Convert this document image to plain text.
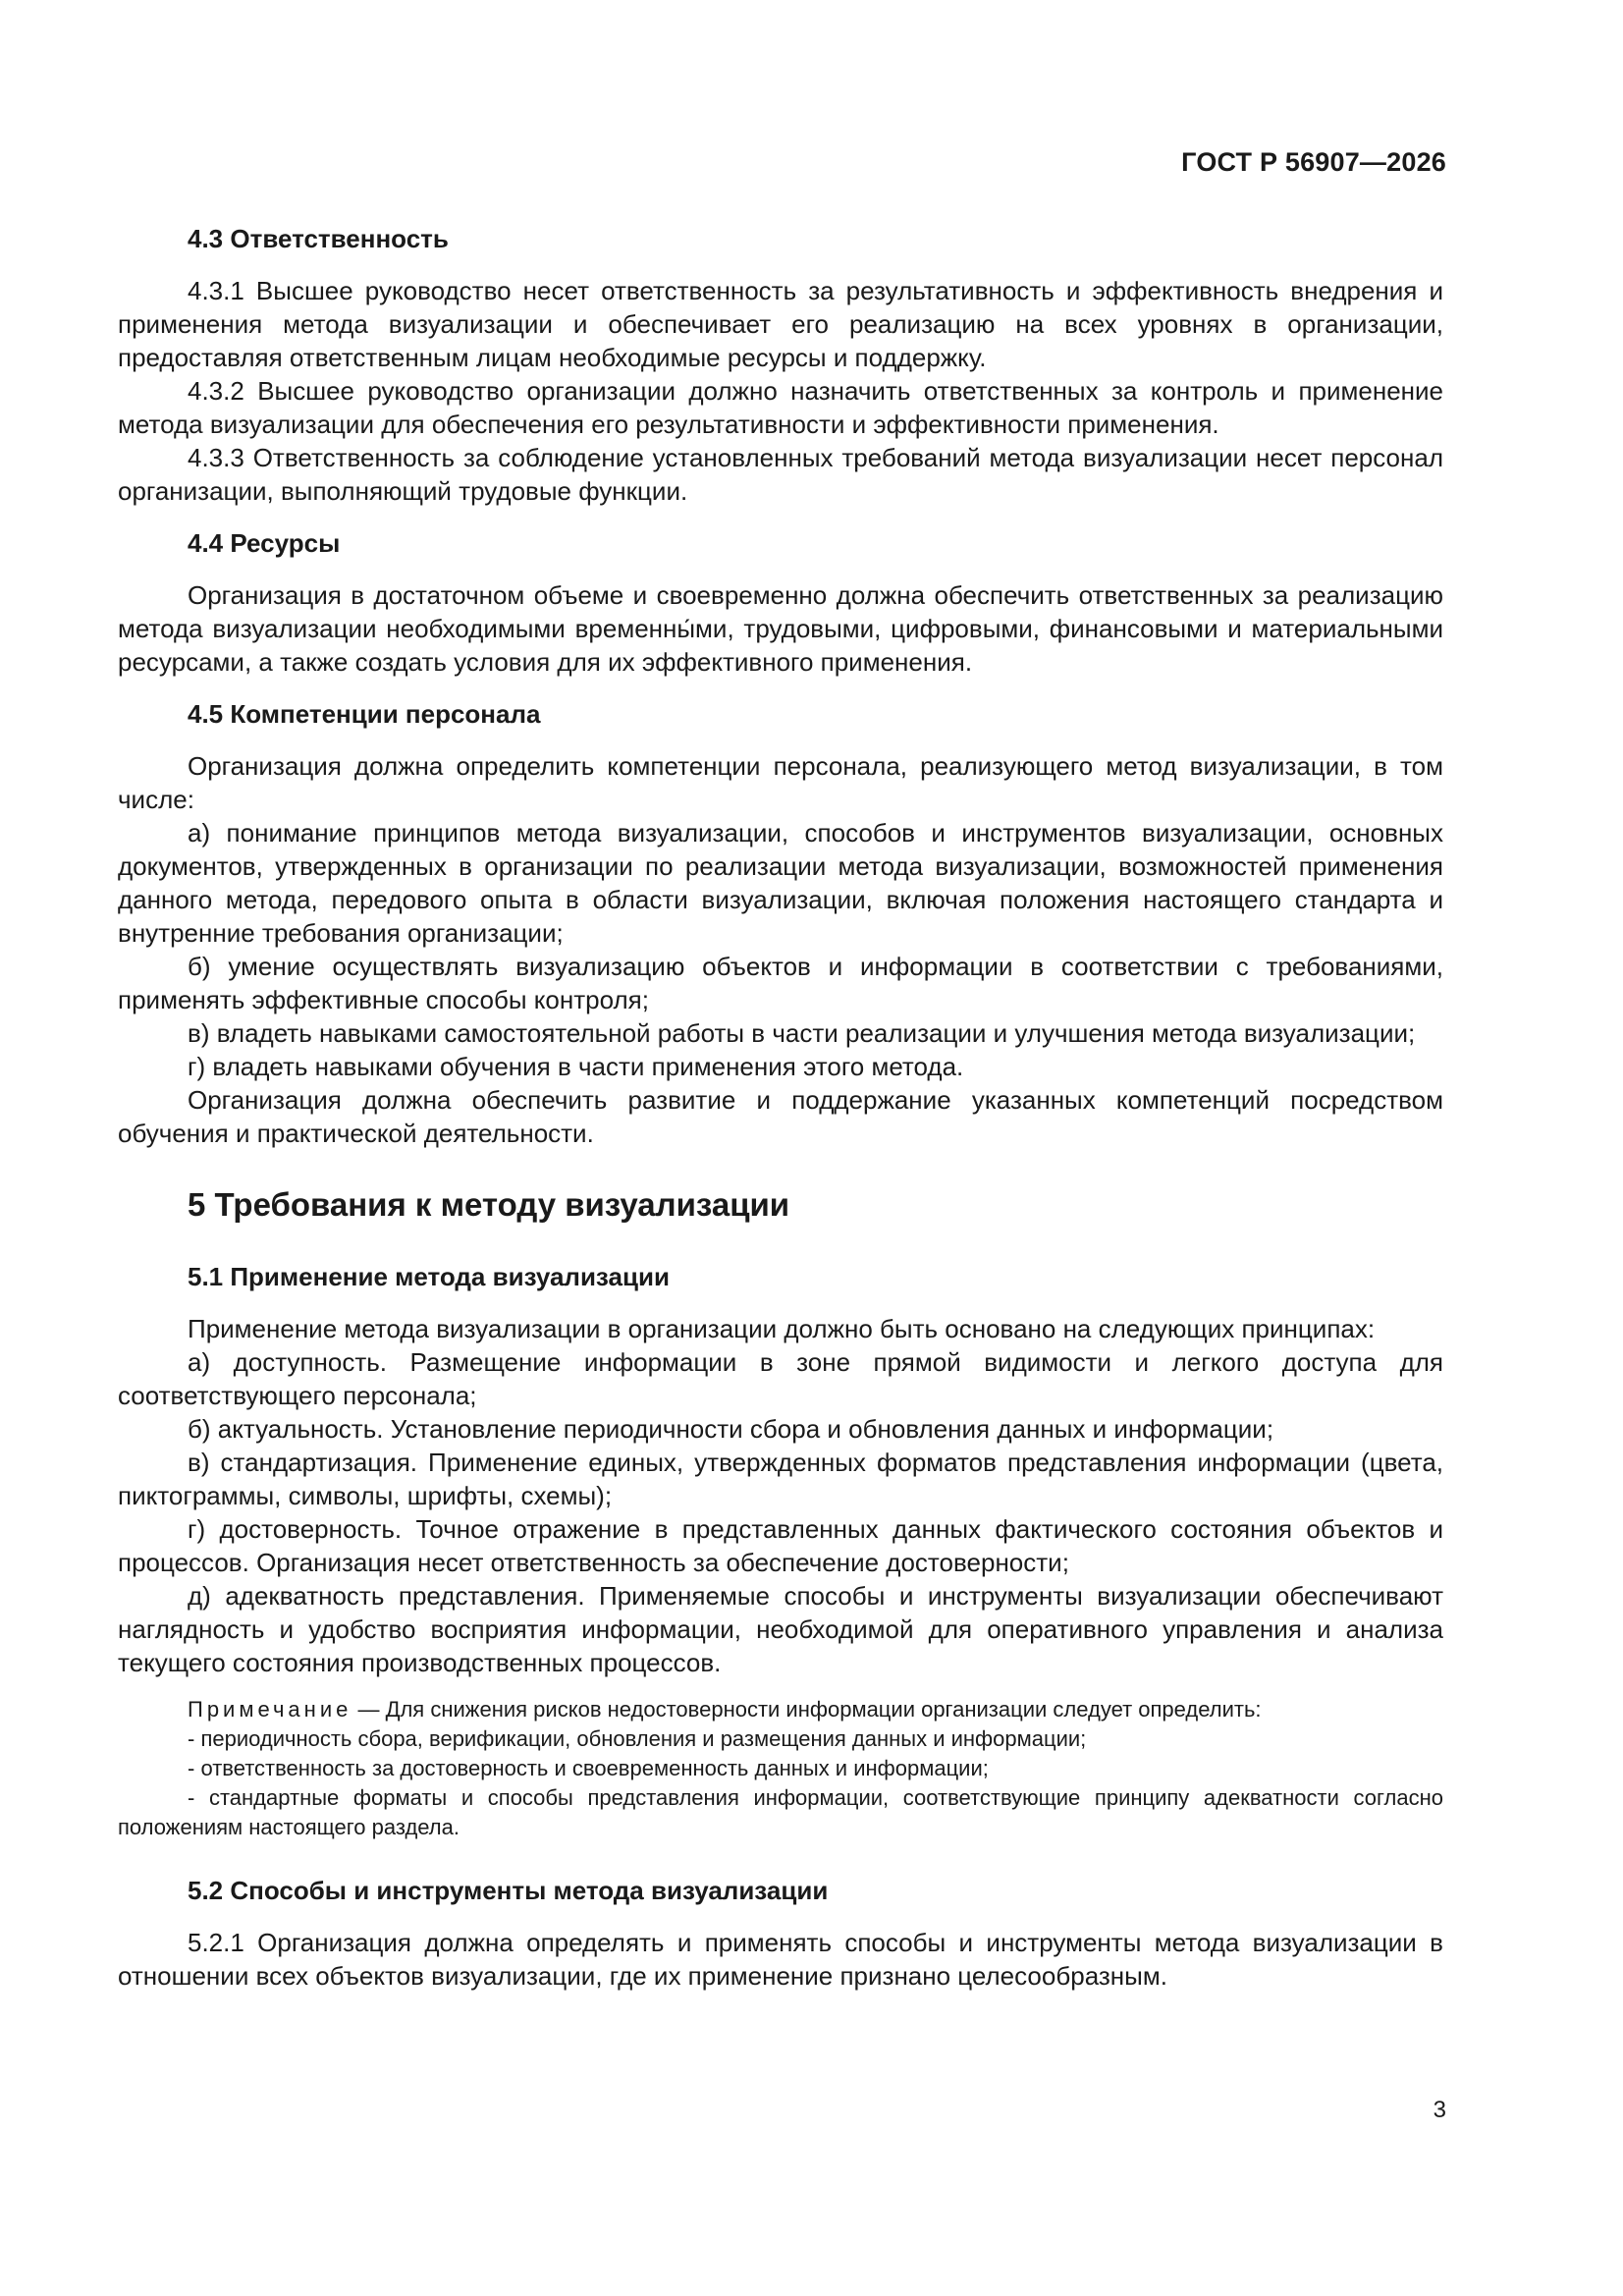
ГОСТ Р 56907—2026
4.3 Ответственность

4.3.1 Высшее руководство несет ответственность за результативность и эффективность внедрения и применения метода визуализации и обеспечивает его реализацию на всех уровнях в организации, предоставляя ответственным лицам необходимые ресурсы и поддержку.

4.3.2 Высшее руководство организации должно назначить ответственных за контроль и применение метода визуализации для обеспечения его результативности и эффективности применения.

4.3.3 Ответственность за соблюдение установленных требований метода визуализации несет персонал организации, выполняющий трудовые функции.

4.4 Ресурсы

Организация в достаточном объеме и своевременно должна обеспечить ответственных за реализацию метода визуализации необходимыми временны́ми, трудовыми, цифровыми, финансовыми и материальными ресурсами, а также создать условия для их эффективного применения.

4.5 Компетенции персонала

Организация должна определить компетенции персонала, реализующего метод визуализации, в том числе:

а) понимание принципов метода визуализации, способов и инструментов визуализации, основных документов, утвержденных в организации по реализации метода визуализации, возможностей применения данного метода, передового опыта в области визуализации, включая положения настоящего стандарта и внутренние требования организации;

б) умение осуществлять визуализацию объектов и информации в соответствии с требованиями, применять эффективные способы контроля;

в) владеть навыками самостоятельной работы в части реализации и улучшения метода визуализации;

г) владеть навыками обучения в части применения этого метода.

Организация должна обеспечить развитие и поддержание указанных компетенций посредством обучения и практической деятельности.

5 Требования к методу визуализации
5.1 Применение метода визуализации

Применение метода визуализации в организации должно быть основано на следующих принципах:

а) доступность. Размещение информации в зоне прямой видимости и легкого доступа для соответствующего персонала;

б) актуальность. Установление периодичности сбора и обновления данных и информации;

в) стандартизация. Применение единых, утвержденных форматов представления информации (цвета, пиктограммы, символы, шрифты, схемы);

г) достоверность. Точное отражение в представленных данных фактического состояния объектов и процессов. Организация несет ответственность за обеспечение достоверности;

д) адекватность представления. Применяемые способы и инструменты визуализации обеспечивают наглядность и удобство восприятия информации, необходимой для оперативного управления и анализа текущего состояния производственных процессов.

Примечание — Для снижения рисков недостоверности информации организации следует определить:

- периодичность сбора, верификации, обновления и размещения данных и информации;

- ответственность за достоверность и своевременность данных и информации;

- стандартные форматы и способы представления информации, соответствующие принципу адекватности согласно положениям настоящего раздела.

5.2 Способы и инструменты метода визуализации

5.2.1 Организация должна определять и применять способы и инструменты метода визуализации в отношении всех объектов визуализации, где их применение признано целесообразным.

3
